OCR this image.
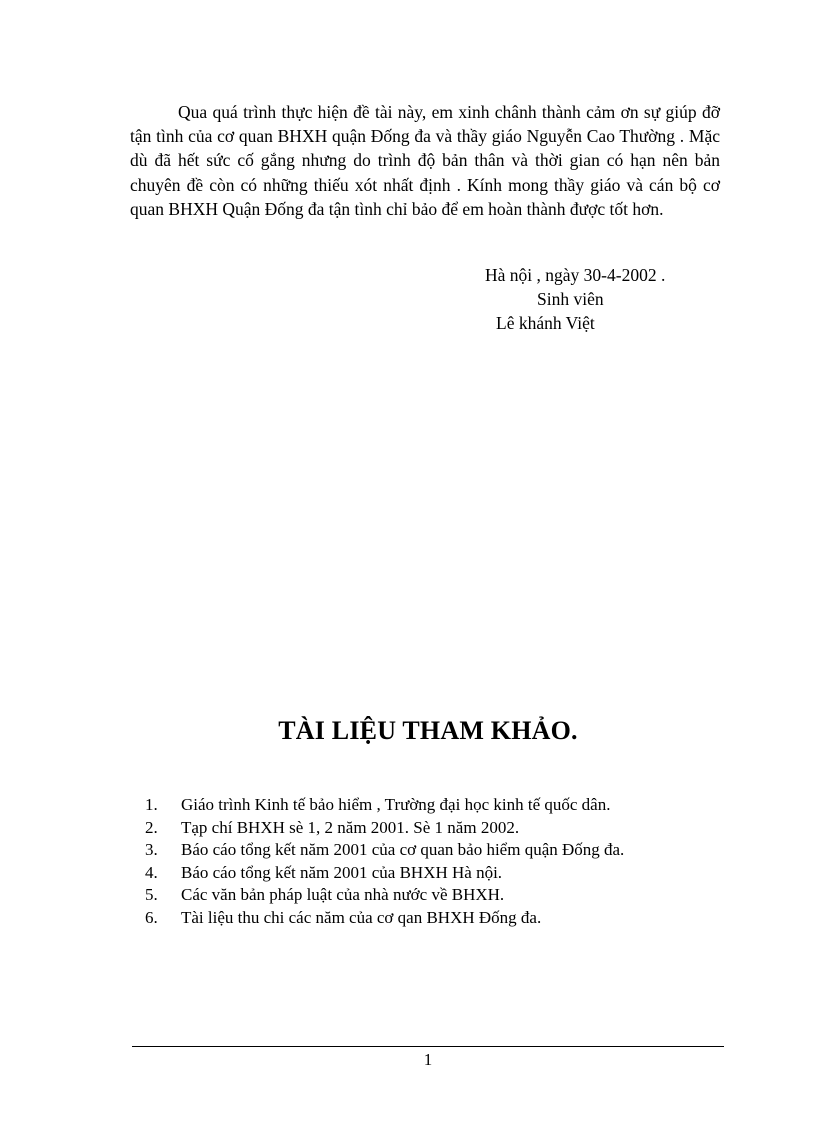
Qua quá trình thực hiện đề tài này, em xinh chânh thành cảm ơn sự giúp đỡ tận tình của cơ quan BHXH quận Đống đa và thầy giáo Nguyễn Cao Thường . Mặc dù đã hết sức cố gắng nhưng do trình độ bản thân và thời gian có hạn nên bản chuyên đề còn có những thiếu xót nhất định . Kính mong thầy giáo và cán bộ cơ quan BHXH Quận Đống đa tận tình chỉ bảo để em hoàn thành được tốt hơn.

Hà nội , ngày 30-4-2002 .
Sinh viên
Lê khánh Việt
TÀI LIỆU THAM KHẢO.
1.	Giáo trình Kinh tế bảo hiểm , Trường đại học kinh tế quốc dân.
2.	Tạp chí BHXH sè 1, 2 năm 2001. Sè 1 năm 2002.
3.	Báo cáo tổng kết năm 2001 của cơ quan bảo hiểm quận Đống đa.
4.	Báo cáo tổng kết năm 2001 của BHXH Hà nội.
5.	Các văn bản pháp luật của nhà nước về BHXH.
6.	Tài liệu thu chi các năm của cơ qan BHXH Đống đa.
1
